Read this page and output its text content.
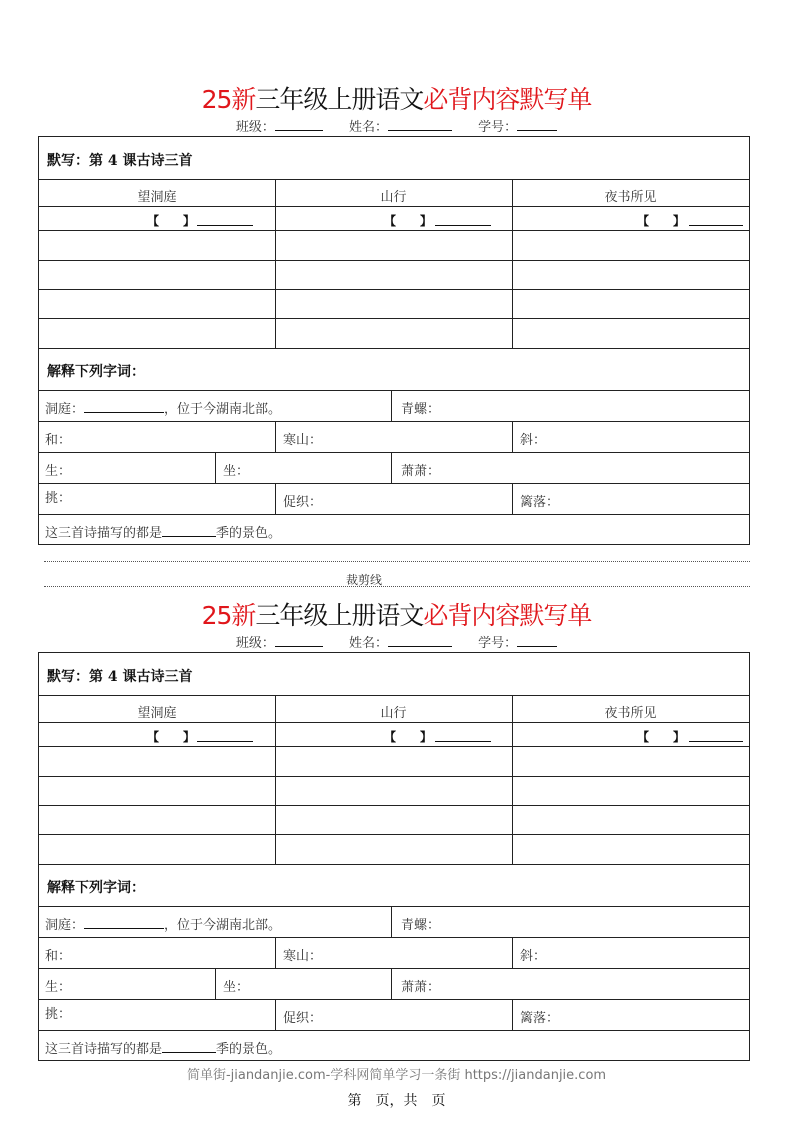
25新三年级上册语文必背内容默写单
班级：	姓名：	学号：
默写：第 4 课古诗三首
望洞庭	山行	夜书所见
【　　】	【　　】	【　　】
解释下列字词：
洞庭：	，位于今湖南北部。	青螺：
和：	寒山：	斜：
生：	坐：	萧萧：
挑：	促织：	篱落：
这三首诗描写的都是	季的景色。
裁剪线
25新三年级上册语文必背内容默写单
班级：	姓名：	学号：
默写：第 4 课古诗三首
望洞庭	山行	夜书所见
【　　】	【　　】	【　　】
解释下列字词：
洞庭：	，位于今湖南北部。	青螺：
和：	寒山：	斜：
生：	坐：	萧萧：
挑：	促织：	篱落：
这三首诗描写的都是	季的景色。
简单街-jiandanjie.com-学科网简单学习一条街 https://jiandanjie.com
第　页，共　页
